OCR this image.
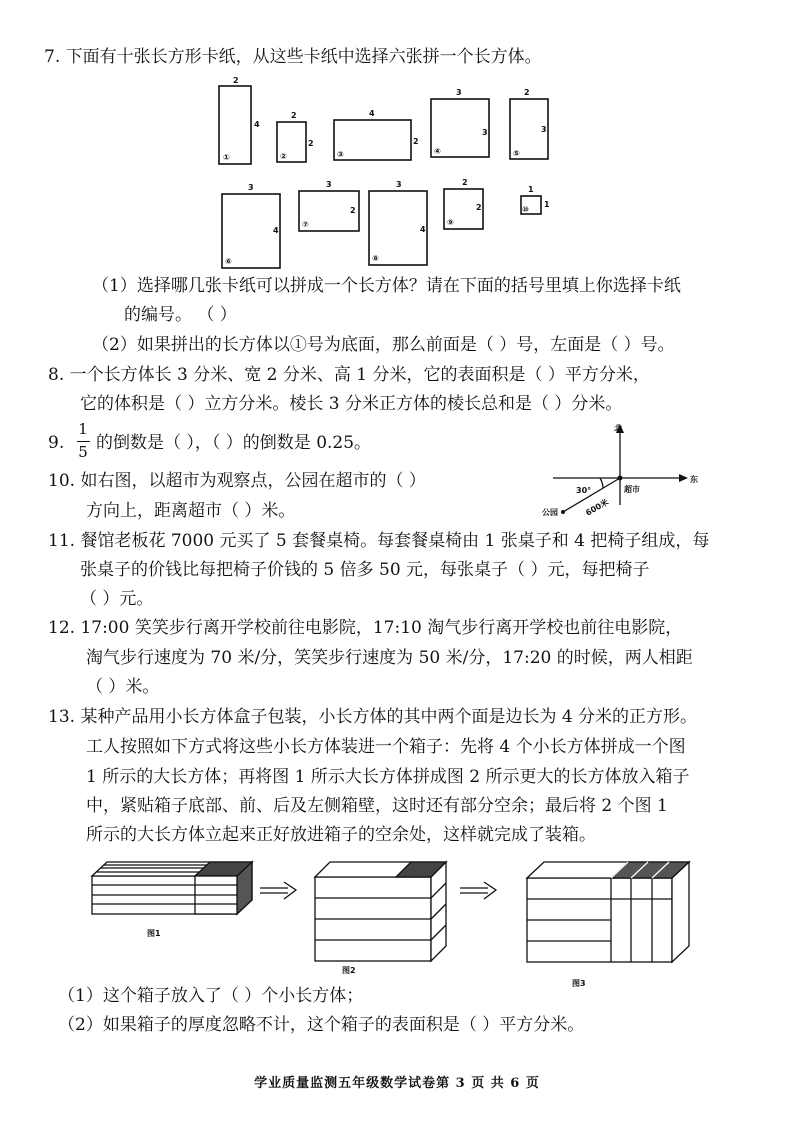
7. 下面有十张长方形卡纸，从这些卡纸中选择六张拼一个长方体。
2
4
①
2
2
②
4
2
③
3
3
④
2
3
⑤
3
4
⑥
3
2
⑦
3
4
⑧
2
2
⑨
1
1
⑩
（1）选择哪几张卡纸可以拼成一个长方体？请在下面的括号里填上你选择卡纸
的编号。 （ ）
（2）如果拼出的长方体以①号为底面，那么前面是（ ）号，左面是（ ）号。
8. 一个长方体长 3 分米、宽 2 分米、高 1 分米，它的表面积是（ ）平方分米，
它的体积是（ ）立方分米。棱长 3 分米正方体的棱长总和是（ ）分米。
9.
1
5 的倒数是（ ），（ ）的倒数是 0.25。
10. 如右图，以超市为观察点，公园在超市的（ ）
方向上，距离超市（ ）米。
北
东
30°	超市
公园	600米
11. 餐馆老板花 7000 元买了 5 套餐桌椅。每套餐桌椅由 1 张桌子和 4 把椅子组成，每
张桌子的价钱比每把椅子价钱的 5 倍多 50 元，每张桌子（ ）元，每把椅子
（ ）元。
12. 17:00 笑笑步行离开学校前往电影院，17:10 淘气步行离开学校也前往电影院，
淘气步行速度为 70 米/分，笑笑步行速度为 50 米/分，17:20 的时候，两人相距
（ ）米。
13. 某种产品用小长方体盒子包装，小长方体的其中两个面是边长为 4 分米的正方形。
工人按照如下方式将这些小长方体装进一个箱子：先将 4 个小长方体拼成一个图
1 所示的大长方体；再将图 1 所示大长方体拼成图 2 所示更大的长方体放入箱子
中，紧贴箱子底部、前、后及左侧箱壁，这时还有部分空余；最后将 2 个图 1
所示的大长方体立起来正好放进箱子的空余处，这样就完成了装箱。
图1
图2
图3
（1）这个箱子放入了（ ）个小长方体；
（2）如果箱子的厚度忽略不计，这个箱子的表面积是（ ）平方分米。
学业质量监测五年级数学试卷第 3 页 共 6 页
